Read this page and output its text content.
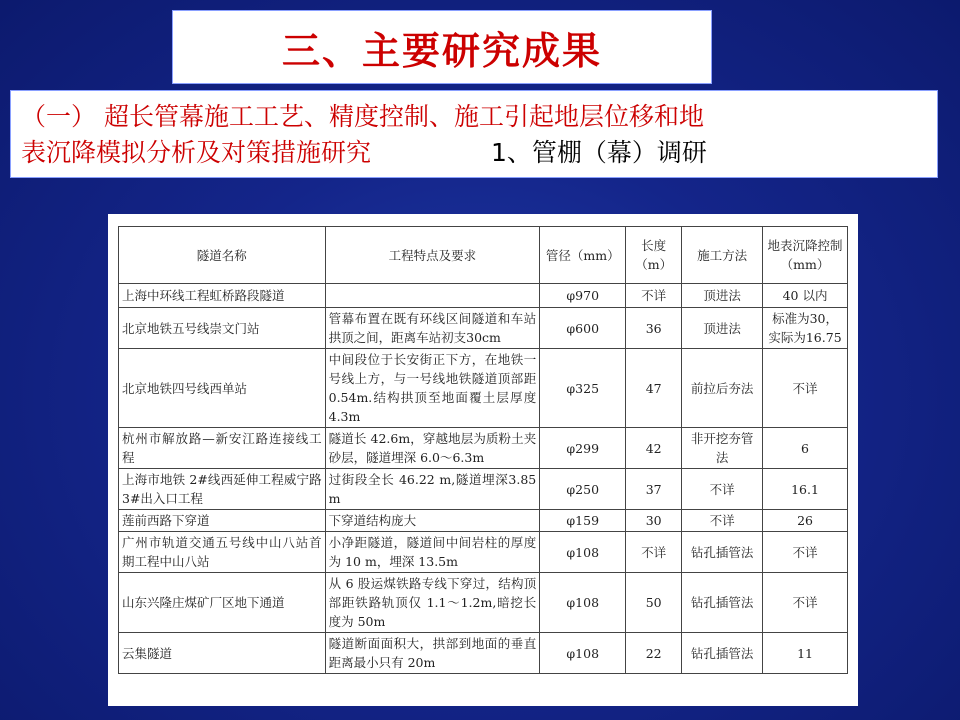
三、主要研究成果
（一） 超长管幕施工工艺、精度控制、施工引起地层位移和地
表沉降模拟分析及对策措施研究	1、管棚（幕）调研
隧道名称	工程特点及要求	管径（mm）	长度（m）	施工方法	地表沉降控制（mm）
上海中环线工程虹桥路段隧道		φ970	不详	顶进法	40 以内
北京地铁五号线崇文门站	管幕布置在既有环线区间隧道和车站拱顶之间，距离车站初支30cm	φ600	36	顶进法	标准为30，实际为16.75
北京地铁四号线西单站	中间段位于长安街正下方，在地铁一号线上方，与一号线地铁隧道顶部距 0.54m.结构拱顶至地面覆土层厚度 4.3m	φ325	47	前拉后夯法	不详
杭州市解放路—新安江路连接线工程	隧道长 42.6m，穿越地层为质粉土夹砂层，隧道埋深 6.0～6.3m	φ299	42	非开挖夯管法	6
上海市地铁 2#线西延伸工程威宁路 3#出入口工程	过街段全长 46.22 m,隧道埋深3.85 m	φ250	37	不详	16.1
莲前西路下穿道	下穿道结构庞大	φ159	30	不详	26
广州市轨道交通五号线中山八站首期工程中山八站	小净距隧道，隧道间中间岩柱的厚度为 10 m，埋深 13.5m	φ108	不详	钻孔插管法	不详
山东兴隆庄煤矿厂区地下通道	从 6 股运煤铁路专线下穿过，结构顶部距铁路轨顶仅 1.1～1.2m,暗挖长度为 50m	φ108	50	钻孔插管法	不详
云集隧道	隧道断面面积大，拱部到地面的垂直距离最小只有 20m	φ108	22	钻孔插管法	11
